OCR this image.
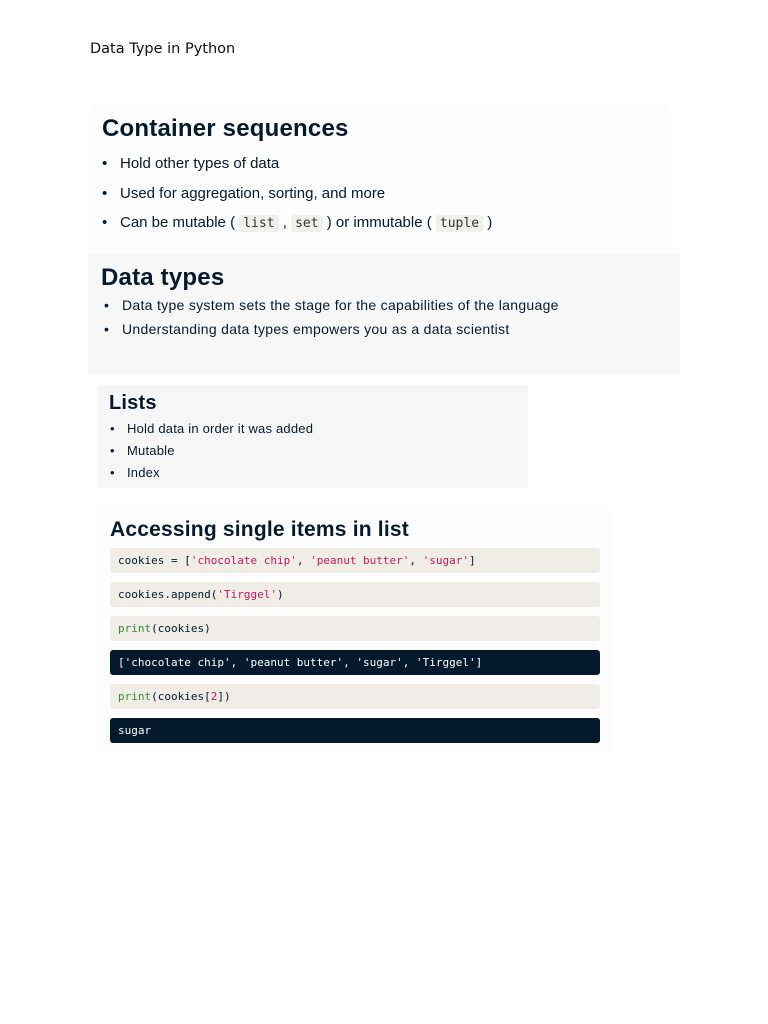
Data Type in Python

Container sequences
• Hold other types of data
• Used for aggregation, sorting, and more
• Can be mutable ( list , set ) or immutable ( tuple )
Data types
• Data type system sets the stage for the capabilities of the language
• Understanding data types empowers you as a data scientist
Lists
• Hold data in order it was added
• Mutable
• Index
Accessing single items in list
cookies = ['chocolate chip', 'peanut butter', 'sugar']
cookies.append('Tirggel')
print(cookies)
['chocolate chip', 'peanut butter', 'sugar', 'Tirggel']
print(cookies[2])
sugar
